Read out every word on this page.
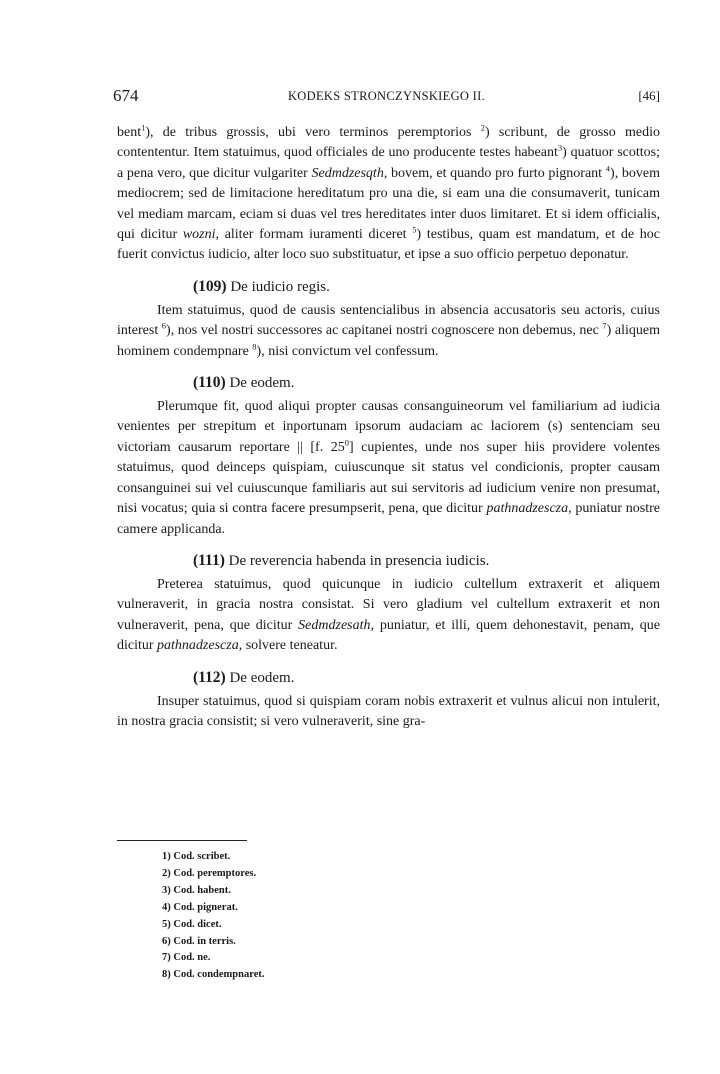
674	KODEKS STRONCZYNSKIEGO II.	[46]

bent$^1$), de tribus grossis, ubi vero terminos peremptorios $^2$) scribunt, de grosso medio contententur. Item statuimus, quod officiales de uno producente testes habeant$^3$) quatuor scottos; a pena vero, que dicitur vulgariter Sedmdzesqth, bovem, et quando pro furto pignorant $^4$), bovem mediocrem; sed de limitacione hereditatum pro una die, si eam una die consumaverit, tunicam vel mediam marcam, eciam si duas vel tres hereditates inter duos limitaret. Et si idem officialis, qui dicitur wozni, aliter formam iuramenti diceret $^5$) testibus, quam est mandatum, et de hoc fuerit convictus iudicio, alter loco suo substituatur, et ipse a suo officio perpetuo deponatur.

(109) De iudicio regis.

Item statuimus, quod de causis sentencialibus in absencia accusatoris seu actoris, cuius interest $^6$), nos vel nostri successores ac capitanei nostri cognoscere non debemus, nec $^7$) aliquem hominem condempnare $^8$), nisi convictum vel confessum.

(110) De eodem.

Plerumque fit, quod aliqui propter causas consanguineorum vel familiarium ad iudicia venientes per strepitum et inportunam ipsorum audaciam ac laciorem (s) sentenciam seu victoriam causarum reportare || [f. $25^0$] cupientes, unde nos super hiis providere volentes statuimus, quod deinceps quispiam, cuiuscunque sit status vel condicionis, propter causam consanguinei sui vel cuiuscunque familiaris aut sui servitoris ad iudicium venire non presumat, nisi vocatus; quia si contra facere presumpserit, pena, que dicitur pathnadzescza, puniatur nostre camere applicanda.

(111) De reverencia habenda in presencia iudicis.

Preterea statuimus, quod quicunque in iudicio cultellum extraxerit et aliquem vulneraverit, in gracia nostra consistat. Si vero gladium vel cultellum extraxerit et non vulneraverit, pena, que dicitur Sedmdzesath, puniatur, et illi, quem dehonestavit, penam, que dicitur pathnadzescza, solvere teneatur.

(112) De eodem.

Insuper statuimus, quod si quispiam coram nobis extraxerit et vulnus alicui non intulerit, in nostra gracia consistit; si vero vulneraverit, sine gra-

1) Cod. scribet.
2) Cod. peremptores.
3) Cod. habent.
4) Cod. pignerat.
5) Cod. dicet.
6) Cod. in terris.
7) Cod. ne.
8) Cod. condempnaret.
